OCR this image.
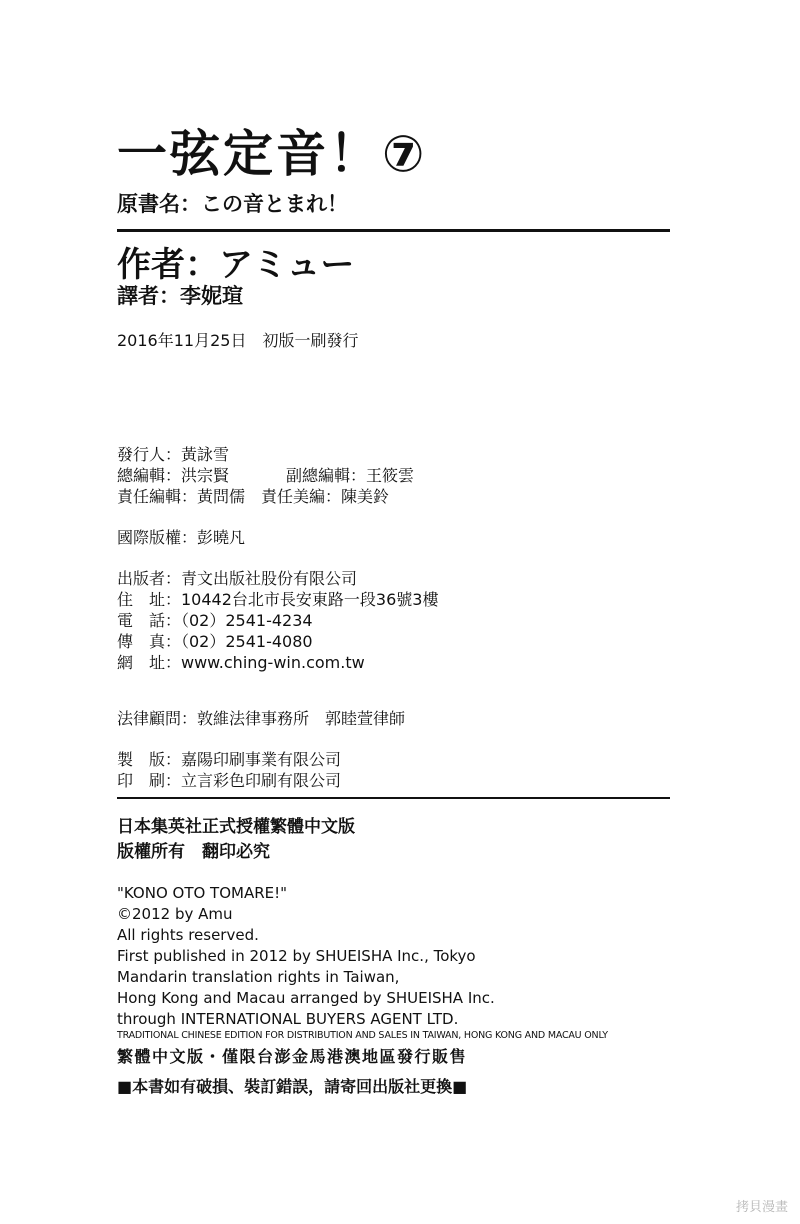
一弦定音！⑦
原書名：この音とまれ！
作者：アミュー
譯者：李妮瑄
2016年11月25日　初版一刷發行
發行人：黃詠雪
總編輯：洪宗賢	副總編輯：王筱雲
責任編輯：黃問儒　 責任美編：陳美鈴
國際版權：彭曉凡
出版者：青文出版社股份有限公司
住　址：10442台北市長安東路一段36號3樓
電　話：（02）2541-4234
傳　真：（02）2541-4080
網　址：www.ching-win.com.tw
法律顧問：敦維法律事務所　郭睦萱律師
製　版：嘉陽印刷事業有限公司
印　刷：立言彩色印刷有限公司
日本集英社正式授權繁體中文版
版權所有　翻印必究
"KONO OTO TOMARE!"
©2012 by Amu
All rights reserved.
First published in 2012 by SHUEISHA Inc., Tokyo
Mandarin translation rights in Taiwan,
Hong Kong and Macau arranged by SHUEISHA Inc.
through INTERNATIONAL BUYERS AGENT LTD.
TRADITIONAL CHINESE EDITION FOR DISTRIBUTION AND SALES IN TAIWAN, HONG KONG AND MACAU ONLY
繁體中文版・僅限台澎金馬港澳地區發行販售
■本書如有破損、裝訂錯誤，請寄回出版社更換■
拷貝漫畫
